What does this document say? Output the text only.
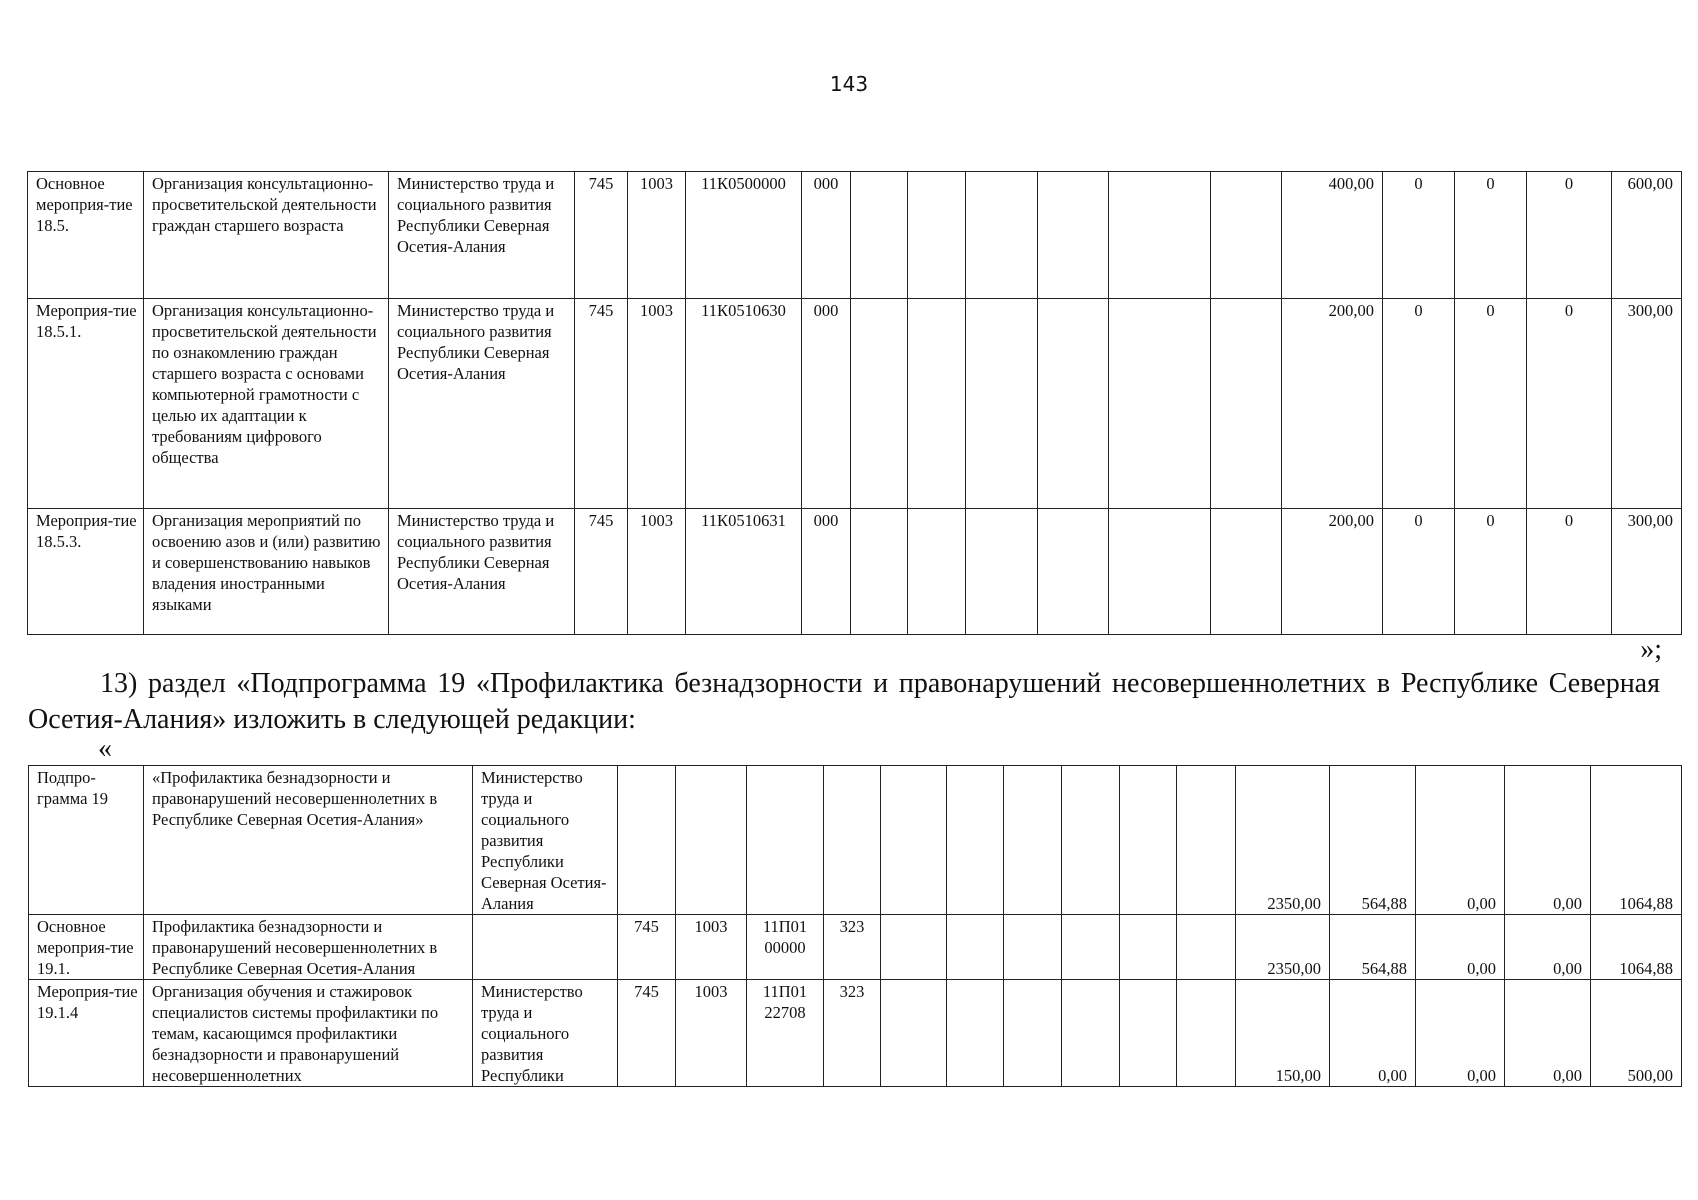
143
Основное мероприя-тие 18.5.	Организация консультационно-просветительской деятельности граждан старшего возраста	Министерство труда и социального развития Республики Северная Осетия-Алания	745	1003	11К0500000	000							400,00	0	0	0	600,00
Мероприя-тие 18.5.1.	Организация консультационно-просветительской деятельности по ознакомлению граждан старшего возраста с основами компьютерной грамотности с целью их адаптации к требованиям цифрового общества	Министерство труда и социального развития Республики Северная Осетия-Алания	745	1003	11К0510630	000							200,00	0	0	0	300,00
Мероприя-тие 18.5.3.	Организация мероприятий по освоению азов и (или) развитию и совершенствованию навыков владения иностранными языками	Министерство труда и социального развития Республики Северная Осетия-Алания	745	1003	11К0510631	000							200,00	0	0	0	300,00
»;
13) раздел «Подпрограмма 19 «Профилактика безнадзорности и правонарушений несовершеннолетних в Республике Северная Осетия-Алания» изложить в следующей редакции:
«
Подпро-грамма 19	«Профилактика безнадзорности и правонарушений несовершеннолетних в Республике Северная Осетия-Алания»	Министерство труда и социального развития Республики Северная Осетия-Алания											2350,00	564,88	0,00	0,00	1064,88
Основное мероприя-тие 19.1.	Профилактика безнадзорности и правонарушений несовершеннолетних в Республике Северная Осетия-Алания		745	1003	11П01 00000	323							2350,00	564,88	0,00	0,00	1064,88
Мероприя-тие 19.1.4	Организация обучения и стажировок специалистов системы профилактики по темам, касающимся профилактики безнадзорности и правонарушений несовершеннолетних	Министерство труда и социального развития Республики	745	1003	11П01 22708	323							150,00	0,00	0,00	0,00	500,00
